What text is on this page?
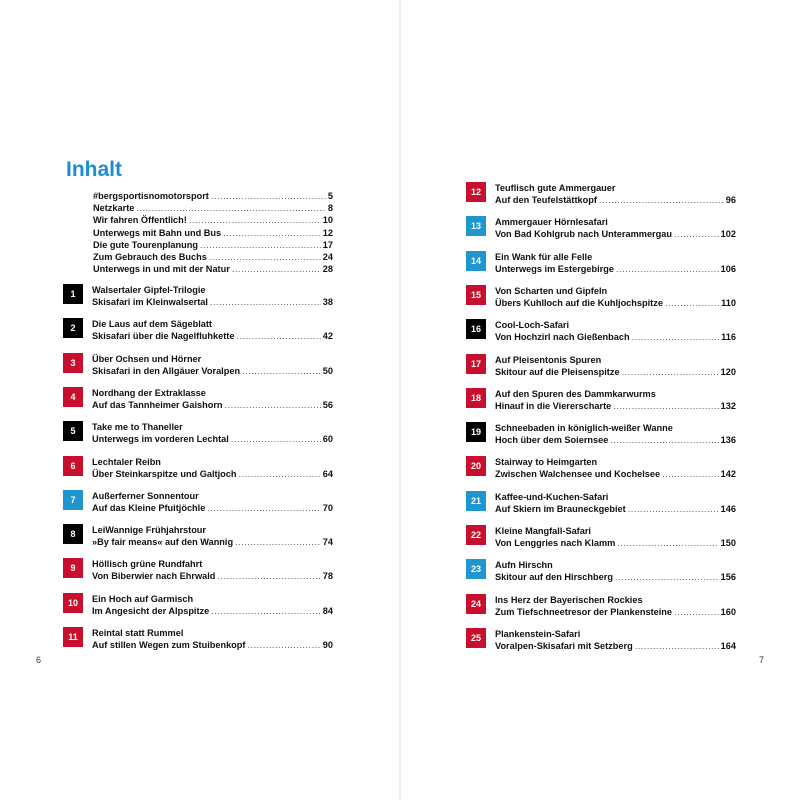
Inhalt
#bergsportisnomotorsport .....	5
Netzkarte .....	8
Wir fahren Öffentlich! .....	10
Unterwegs mit Bahn und Bus .....	12
Die gute Tourenplanung .....	17
Zum Gebrauch des Buchs .....	24
Unterwegs in und mit der Natur .....	28
1	Walsertaler Gipfel-Trilogie
Skisafari im Kleinwalsertal .....	38
2	Die Laus auf dem Sägeblatt
Skisafari über die Nagelfluhkette .....	42
3	Über Ochsen und Hörner
Skisafari in den Allgäuer Voralpen .....	50
4	Nordhang der Extraklasse
Auf das Tannheimer Gaishorn .....	56
5	Take me to Thaneller
Unterwegs im vorderen Lechtal .....	60
6	Lechtaler Reibn
Über Steinkarspitze und Galtjoch .....	64
7	Außerferner Sonnentour
Auf das Kleine Pfuitjöchle .....	70
8	LeiWannige Frühjahrstour
»By fair means« auf den Wannig .....	74
9	Höllisch grüne Rundfahrt
Von Biberwier nach Ehrwald .....	78
10	Ein Hoch auf Garmisch
Im Angesicht der Alpspitze .....	84
11	Reintal statt Rummel
Auf stillen Wegen zum Stuibenkopf .....	90
12	Teuflisch gute Ammergauer
Auf den Teufelstättkopf .....	96
13	Ammergauer Hörnlesafari
Von Bad Kohlgrub nach Unterammergau .....	102
14	Ein Wank für alle Felle
Unterwegs im Estergebirge .....	106
15	Von Scharten und Gipfeln
Übers Kuhlloch auf die Kuhljochspitze .....	110
16	Cool-Loch-Safari
Von Hochzirl nach Gießenbach .....	116
17	Auf Pleisentonis Spuren
Skitour auf die Pleisenspitze .....	120
18	Auf den Spuren des Dammkarwurms
Hinauf in die Viererscharte .....	132
19	Schneebaden in königlich-weißer Wanne
Hoch über dem Soiernsee .....	136
20	Stairway to Heimgarten
Zwischen Walchensee und Kochelsee .....	142
21	Kaffee-und-Kuchen-Safari
Auf Skiern im Brauneckgebiet .....	146
22	Kleine Mangfall-Safari
Von Lenggries nach Klamm .....	150
23	Aufn Hirschn
Skitour auf den Hirschberg .....	156
24	Ins Herz der Bayerischen Rockies
Zum Tiefschneetresor der Plankensteine .....	160
25	Plankenstein-Safari
Voralpen-Skisafari mit Setzberg .....	164
6	7
